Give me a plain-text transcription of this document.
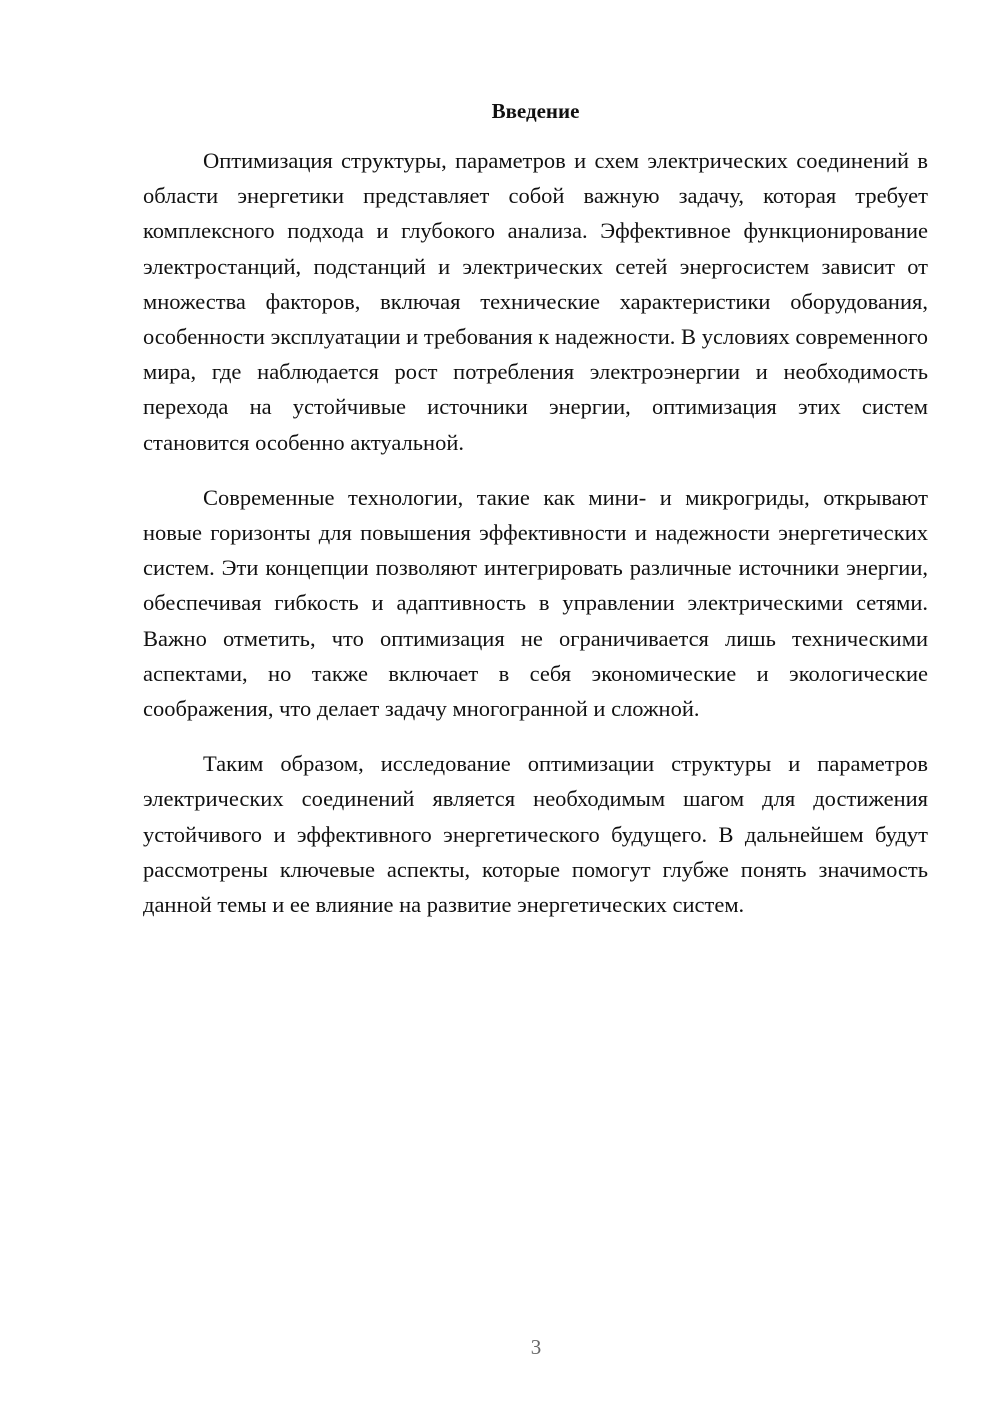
Введение

Оптимизация структуры, параметров и схем электрических соединений в области энергетики представляет собой важную задачу, которая требует комплексного подхода и глубокого анализа. Эффективное функционирование электростанций, подстанций и электрических сетей энергосистем зависит от множества факторов, включая технические характеристики оборудования, особенности эксплуатации и требования к надежности. В условиях современного мира, где наблюдается рост потребления электроэнергии и необходимость перехода на устойчивые источники энергии, оптимизация этих систем становится особенно актуальной.

Современные технологии, такие как мини- и микрогриды, открывают новые горизонты для повышения эффективности и надежности энергетических систем. Эти концепции позволяют интегрировать различные источники энергии, обеспечивая гибкость и адаптивность в управлении электрическими сетями. Важно отметить, что оптимизация не ограничивается лишь техническими аспектами, но также включает в себя экономические и экологические соображения, что делает задачу многогранной и сложной.

Таким образом, исследование оптимизации структуры и параметров электрических соединений является необходимым шагом для достижения устойчивого и эффективного энергетического будущего. В дальнейшем будут рассмотрены ключевые аспекты, которые помогут глубже понять значимость данной темы и ее влияние на развитие энергетических систем.

3
